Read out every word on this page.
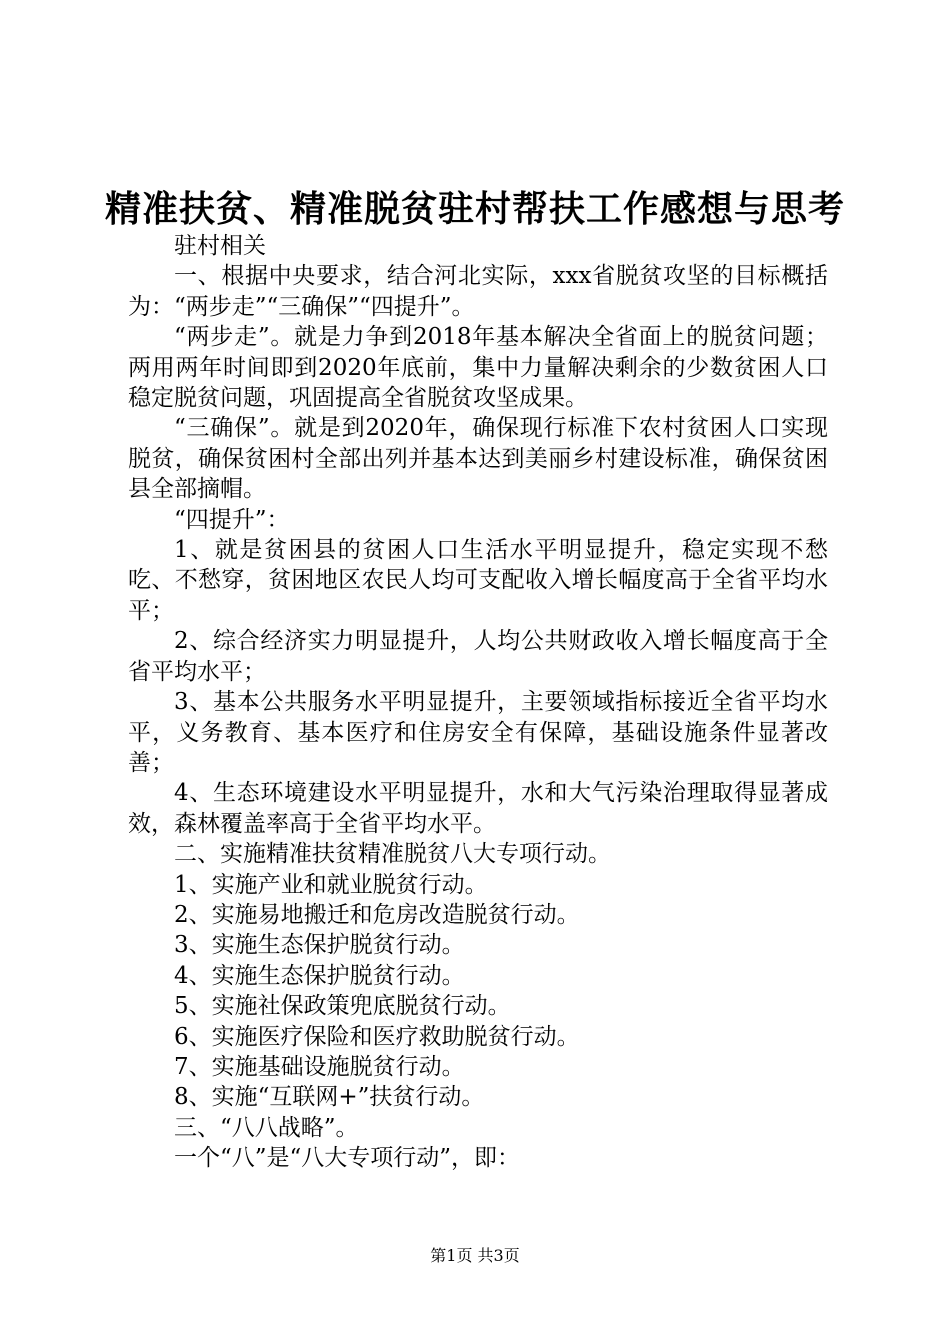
精准扶贫、精准脱贫驻村帮扶工作感想与思考

驻村相关

一、根据中央要求，结合河北实际，xxx省脱贫攻坚的目标概括为：“两步走”“三确保”“四提升”。

“两步走”。就是力争到2018年基本解决全省面上的脱贫问题；两用两年时间即到2020年底前，集中力量解决剩余的少数贫困人口稳定脱贫问题，巩固提高全省脱贫攻坚成果。

“三确保”。就是到2020年，确保现行标准下农村贫困人口实现脱贫，确保贫困村全部出列并基本达到美丽乡村建设标准，确保贫困县全部摘帽。

“四提升”：

1、就是贫困县的贫困人口生活水平明显提升，稳定实现不愁吃、不愁穿，贫困地区农民人均可支配收入增长幅度高于全省平均水平；

2、综合经济实力明显提升，人均公共财政收入增长幅度高于全省平均水平；

3、基本公共服务水平明显提升，主要领域指标接近全省平均水平，义务教育、基本医疗和住房安全有保障，基础设施条件显著改善；

4、生态环境建设水平明显提升，水和大气污染治理取得显著成效，森林覆盖率高于全省平均水平。

二、实施精准扶贫精准脱贫八大专项行动。

1、实施产业和就业脱贫行动。

2、实施易地搬迁和危房改造脱贫行动。

3、实施生态保护脱贫行动。

4、实施生态保护脱贫行动。

5、实施社保政策兜底脱贫行动。

6、实施医疗保险和医疗救助脱贫行动。

7、实施基础设施脱贫行动。

8、实施“互联网+”扶贫行动。

三、“八八战略”。

一个“八”是“八大专项行动”，即：

第1页 共3页
